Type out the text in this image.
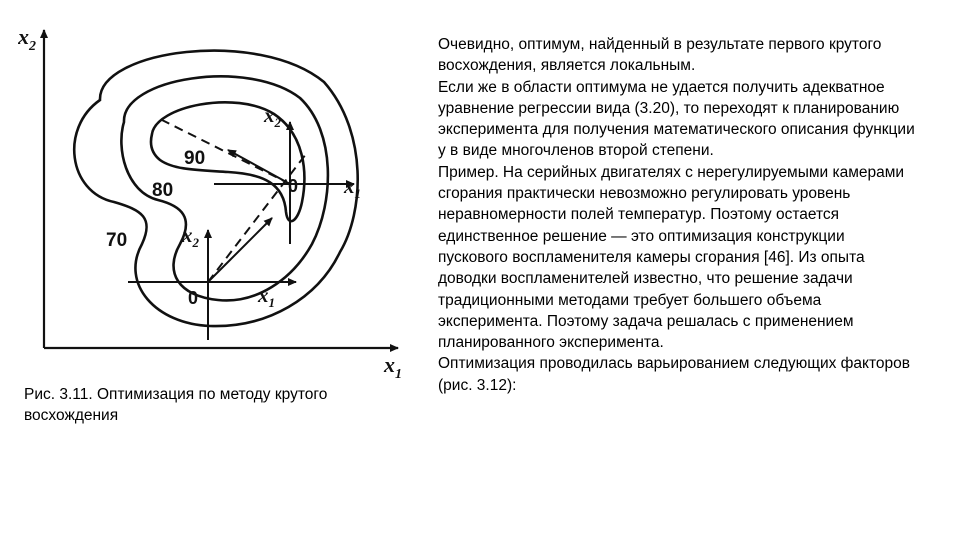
90
80
70
0 $x_1$
$x_2$
0	$x_1$
$x_2$
$x_1$
$x_2$
Рис. 3.11. Оптимизация по методу крутого восхождения

Очевидно, оптимум, найденный в результате первого крутого восхождения, является локальным.

Если же в области оптимума не удается получить адекватное уравнение регрессии вида (3.20), то переходят к планированию эксперимента для получения математического описания функции у в виде многочленов второй степени.

Пример. На серийных двигателях с нерегулируемыми камерами сгорания практически невозможно регулировать уровень неравномерности полей температур. Поэтому остается единственное решение — это оптимизация конструкции пускового воспламенителя камеры сгорания [46]. Из опыта доводки воспламенителей известно, что решение задачи традиционными методами требует большего объема эксперимента. Поэтому задача решалась с применением планированного эксперимента.

Оптимизация проводилась варьированием следующих факторов (рис. 3.12):
